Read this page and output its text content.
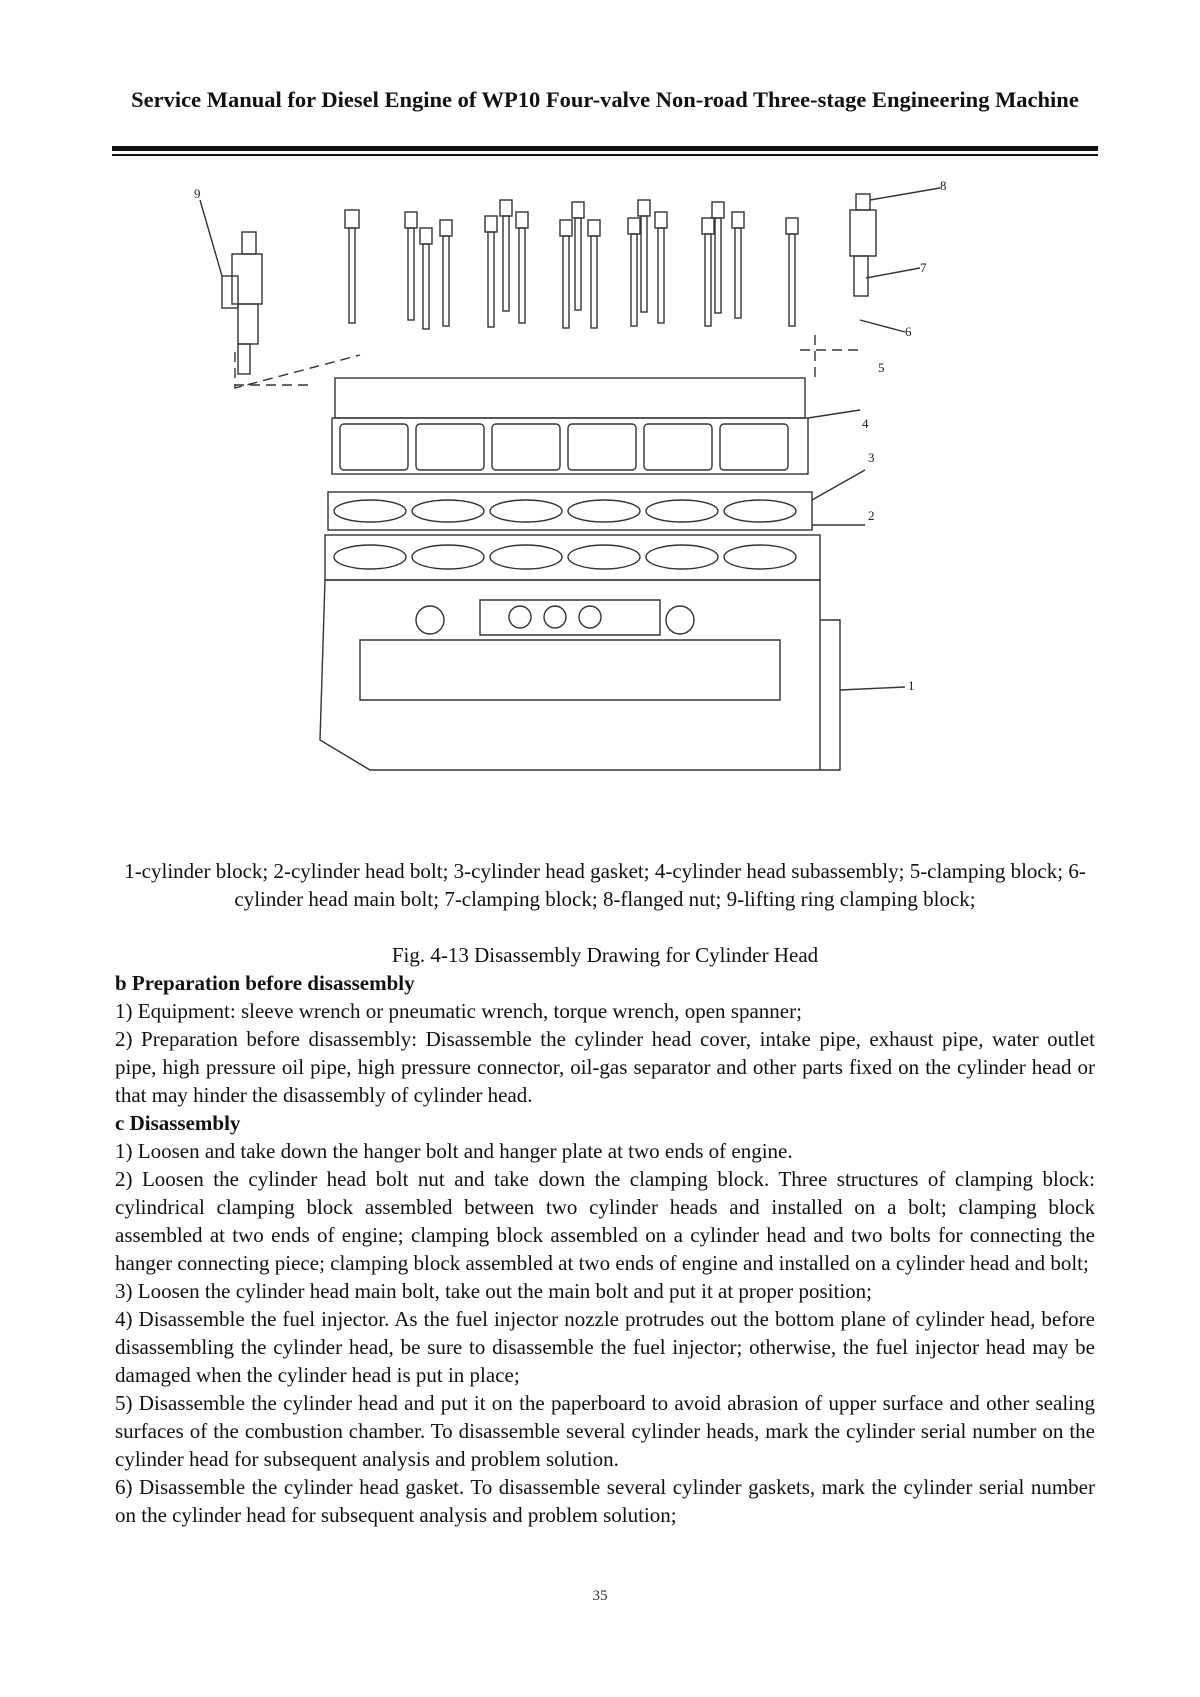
Service Manual for Diesel Engine of WP10 Four-valve Non-road Three-stage Engineering Machine
9
8
7
6
5
4
3
2
1
1-cylinder block; 2-cylinder head bolt; 3-cylinder head gasket; 4-cylinder head subassembly; 5-clamping block; 6-cylinder head main bolt; 7-clamping block; 8-flanged nut; 9-lifting ring clamping block;
Fig. 4-13 Disassembly Drawing for Cylinder Head

b Preparation before disassembly

1) Equipment: sleeve wrench or pneumatic wrench, torque wrench, open spanner;

2) Preparation before disassembly: Disassemble the cylinder head cover, intake pipe, exhaust pipe, water outlet pipe, high pressure oil pipe, high pressure connector, oil-gas separator and other parts fixed on the cylinder head or that may hinder the disassembly of cylinder head.

c Disassembly

1) Loosen and take down the hanger bolt and hanger plate at two ends of engine.

2) Loosen the cylinder head bolt nut and take down the clamping block. Three structures of clamping block: cylindrical clamping block assembled between two cylinder heads and installed on a bolt; clamping block assembled at two ends of engine; clamping block assembled on a cylinder head and two bolts for connecting the hanger connecting piece; clamping block assembled at two ends of engine and installed on a cylinder head and bolt;

3) Loosen the cylinder head main bolt, take out the main bolt and put it at proper position;

4) Disassemble the fuel injector. As the fuel injector nozzle protrudes out the bottom plane of cylinder head, before disassembling the cylinder head, be sure to disassemble the fuel injector; otherwise, the fuel injector head may be damaged when the cylinder head is put in place;

5) Disassemble the cylinder head and put it on the paperboard to avoid abrasion of upper surface and other sealing surfaces of the combustion chamber. To disassemble several cylinder heads, mark the cylinder serial number on the cylinder head for subsequent analysis and problem solution.

6) Disassemble the cylinder head gasket. To disassemble several cylinder gaskets, mark the cylinder serial number on the cylinder head for subsequent analysis and problem solution;

35
